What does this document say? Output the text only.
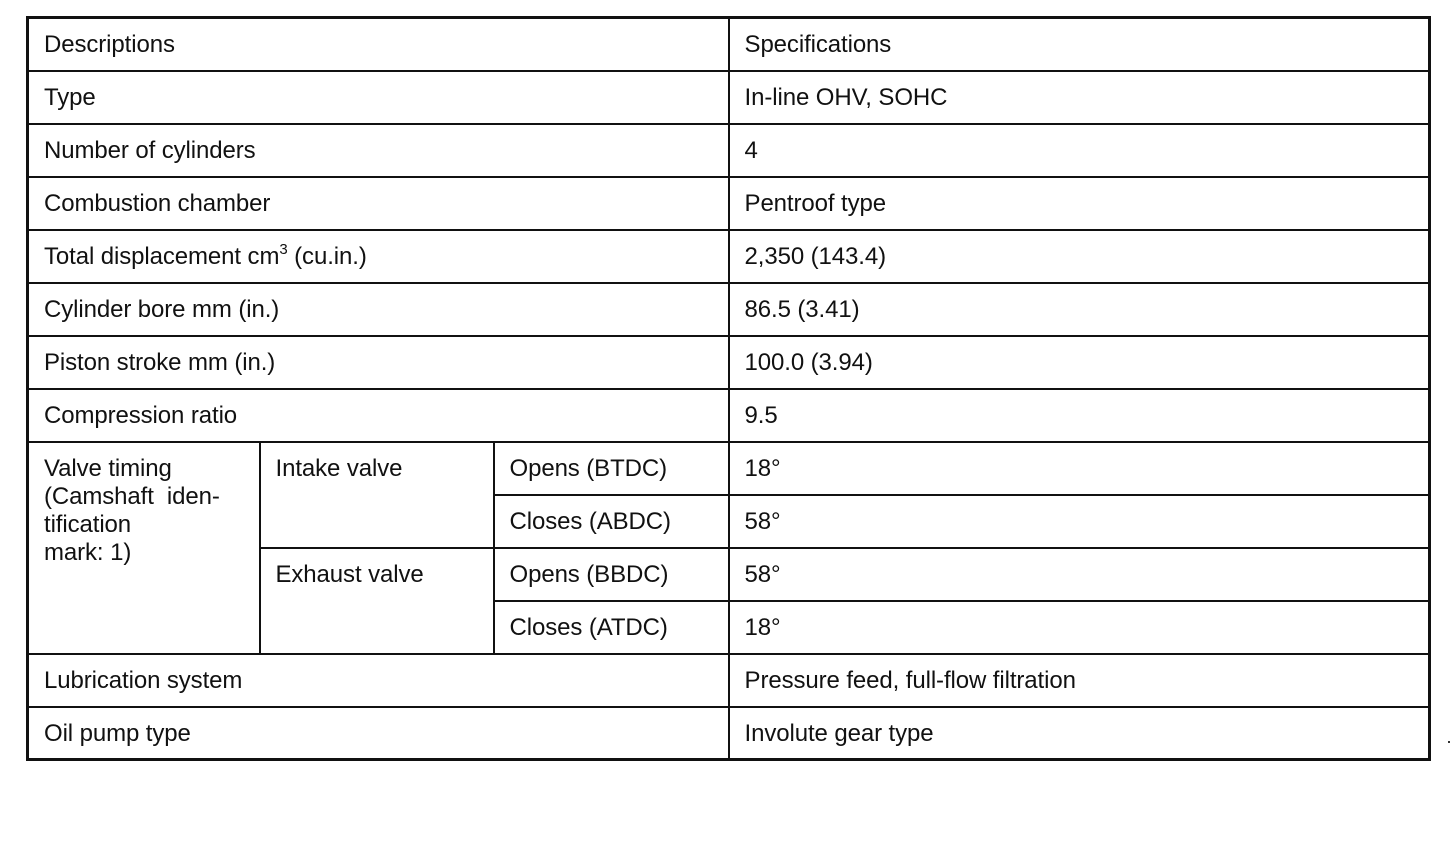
Descriptions			Specifications
Type			In-line OHV, SOHC
Number of cylinders			4
Combustion chamber			Pentroof type
Total displacement $cm^3$ (cu.in.)			2,350 (143.4)
Cylinder bore mm (in.)			86.5 (3.41)
Piston stroke mm (in.)			100.0 (3.94)
Compression ratio			9.5

Valve timing
(Camshaft  iden-
tification
mark: 1)	Intake valve	Opens (BTDC)	18°
		Closes (ABDC)	58°
	Exhaust valve	Opens (BBDC)	58°
		Closes (ATDC)	18°
Lubrication system			Pressure feed, full-flow filtration
Oil pump type			Involute gear type
